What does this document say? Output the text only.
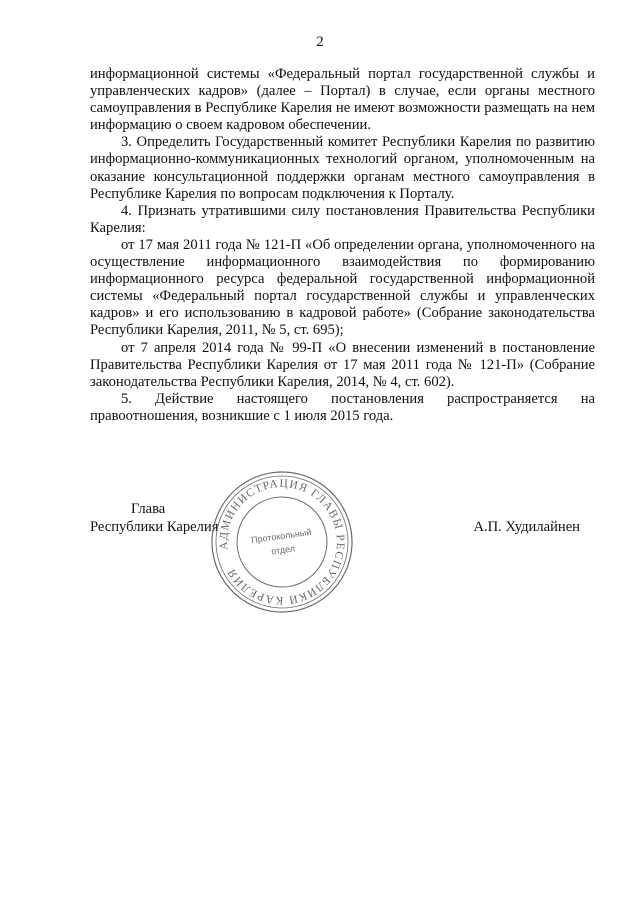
2

информационной системы «Федеральный портал государственной службы и управленческих кадров» (далее – Портал) в случае, если органы местного самоуправления в Республике Карелия не имеют возможности размещать на нем информацию о своем кадровом обеспечении.

3. Определить Государственный комитет Республики Карелия по развитию информационно-коммуникационных технологий органом, уполномоченным на оказание консультационной поддержки органам местного самоуправления в Республике Карелия по вопросам подключения к Порталу.

4. Признать утратившими силу постановления Правительства Республики Карелия:

от 17 мая 2011 года № 121-П «Об определении органа, уполномоченного на осуществление информационного взаимодействия по формированию информационного ресурса федеральной государственной информационной системы «Федеральный портал государственной службы и управленческих кадров» и его использованию в кадровой работе» (Собрание законодательства Республики Карелия, 2011, № 5, ст. 695);

от 7 апреля 2014 года № 99-П «О внесении изменений в постановление Правительства Республики Карелия от 17 мая 2011 года № 121-П» (Собрание законодательства Республики Карелия, 2014, № 4, ст. 602).

5. Действие настоящего постановления распространяется на правоотношения, возникшие с 1 июля 2015 года.

Глава
Республики Карелия
АДМИНИСТРАЦИЯ ГЛАВЫ РЕСПУБЛИКИ КАРЕЛИЯ
Протокольный
отдел
А.П. Худилайнен
